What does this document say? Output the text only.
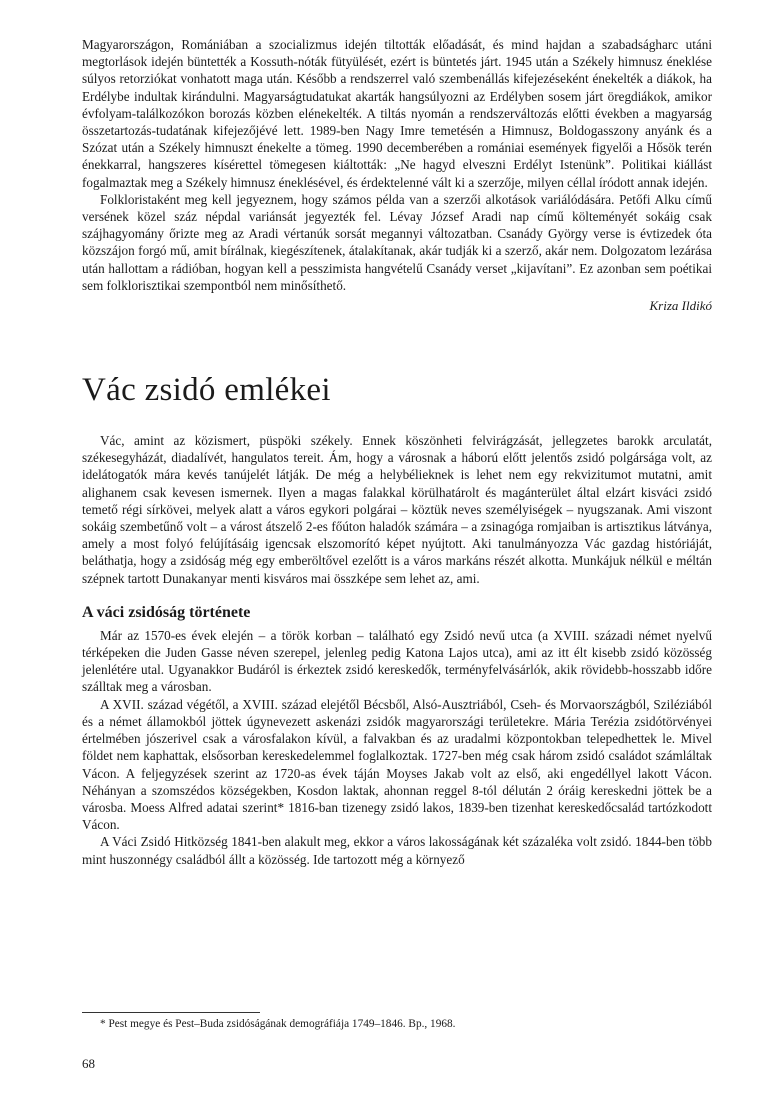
Magyarországon, Romániában a szocializmus idején tiltották előadását, és mind hajdan a szabadságharc utáni megtorlások idején büntették a Kossuth-nóták fütyülését, ezért is büntetés járt. 1945 után a Székely himnusz éneklése súlyos retorziókat vonhatott maga után. Később a rendszerrel való szembenállás kifejezéseként énekelték a diákok, ha Erdélybe indultak kirándulni. Magyarságtudatukat akarták hangsúlyozni az Erdélyben sosem járt öregdiákok, amikor évfolyam-találkozókon borozás közben elénekelték. A tiltás nyomán a rendszerváltozás előtti években a magyarság összetartozás-tudatának kifejezőjévé lett. 1989-ben Nagy Imre temetésén a Himnusz, Boldogasszony anyánk és a Szózat után a Székely himnuszt énekelte a tömeg. 1990 decemberében a romániai események figyelői a Hősök terén énekkarral, hangszeres kísérettel tömegesen kiáltották: „Ne hagyd elveszni Erdélyt Istenünk”. Politikai kiállást fogalmaztak meg a Székely himnusz éneklésével, és érdektelenné vált ki a szerzője, milyen céllal íródott annak idején.

Folkloristaként meg kell jegyeznem, hogy számos példa van a szerzői alkotások variálódására. Petőfi Alku című versének közel száz népdal variánsát jegyezték fel. Lévay József Aradi nap című költeményét sokáig csak szájhagyomány őrizte meg az Aradi vértanúk sorsát megannyi változatban. Csanády György verse is évtizedek óta közszájon forgó mű, amit bírálnak, kiegészítenek, átalakítanak, akár tudják ki a szerző, akár nem. Dolgozatom lezárása után hallottam a rádióban, hogyan kell a pesszimista hangvételű Csanády verset „kijavítani”. Ez azonban sem poétikai sem folklorisztikai szempontból nem minősíthető.

Kriza Ildikó
Vác zsidó emlékei

Vác, amint az közismert, püspöki székely. Ennek köszönheti felvirágzását, jellegzetes barokk arculatát, székesegyházát, diadalívét, hangulatos tereit. Ám, hogy a városnak a háború előtt jelentős zsidó polgársága volt, az idelátogatók mára kevés tanújelét látják. De még a helybélieknek is lehet nem egy rekvizitumot mutatni, amit alighanem csak kevesen ismernek. Ilyen a magas falakkal körülhatárolt és magánterület által elzárt kisváci zsidó temető régi sírkövei, melyek alatt a város egykori polgárai – köztük neves személyiségek – nyugszanak. Ami viszont sokáig szembetűnő volt – a várost átszelő 2-es főúton haladók számára – a zsinagóga romjaiban is artisztikus látványa, amely a most folyó felújításáig igencsak elszomorító képet nyújtott. Aki tanulmányozza Vác gazdag históriáját, beláthatja, hogy a zsidóság még egy emberöltővel ezelőtt is a város markáns részét alkotta. Munkájuk nélkül e méltán szépnek tartott Dunakanyar menti kisváros mai összképe sem lehet az, ami.

A váci zsidóság története

Már az 1570-es évek elején – a török korban – található egy Zsidó nevű utca (a XVIII. századi német nyelvű térképeken die Juden Gasse néven szerepel, jelenleg pedig Katona Lajos utca), ami az itt élt kisebb zsidó közösség jelenlétére utal. Ugyanakkor Budáról is érkeztek zsidó kereskedők, terményfelvásárlók, akik rövidebb-hosszabb időre szálltak meg a városban.

A XVII. század végétől, a XVIII. század elejétől Bécsből, Alsó-Ausztriából, Cseh- és Morvaországból, Sziléziából és a német államokból jöttek úgynevezett askenázi zsidók magyarországi területekre. Mária Terézia zsidótörvényei értelmében jószerivel csak a városfalakon kívül, a falvakban és az uradalmi központokban telepedhettek le. Mivel földet nem kaphattak, elsősorban kereskedelemmel foglalkoztak. 1727-ben még csak három zsidó családot számláltak Vácon. A feljegyzések szerint az 1720-as évek táján Moyses Jakab volt az első, aki engedéllyel lakott Vácon. Néhányan a szomszédos községekben, Kosdon laktak, ahonnan reggel 8-tól délután 2 óráig kereskedni jöttek be a városba. Moess Alfred adatai szerint* 1816-ban tizenegy zsidó lakos, 1839-ben tizenhat kereskedőcsalád tartózkodott Vácon.

A Váci Zsidó Hitközség 1841-ben alakult meg, ekkor a város lakosságának két százaléka volt zsidó. 1844-ben több mint huszonnégy családból állt a közösség. Ide tartozott még a környező

* Pest megye és Pest–Buda zsidóságának demográfiája 1749–1846. Bp., 1968.
68
